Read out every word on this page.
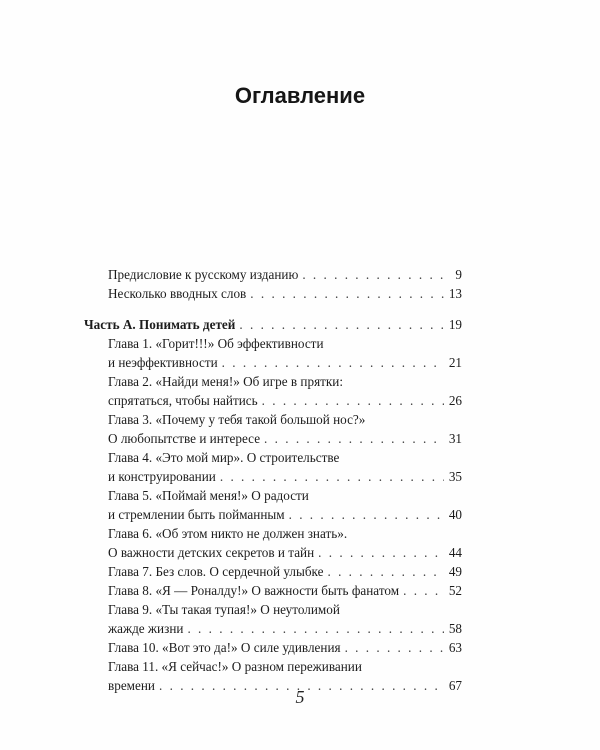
Оглавление
Предисловие к русскому изданию . . .	9
Несколько вводных слов . . .	13
Часть А. Понимать детей . . .	19
Глава 1. «Горит!!!» Об эффективности
и неэффективности . . .	21
Глава 2. «Найди меня!» Об игре в прятки:
спрятаться, чтобы найтись . . .	26
Глава 3. «Почему у тебя такой большой нос?»
О любопытстве и интересе . . .	31
Глава 4. «Это мой мир». О строительстве
и конструировании . . .	35
Глава 5. «Поймай меня!» О радости
и стремлении быть пойманным . . .	40
Глава 6. «Об этом никто не должен знать».
О важности детских секретов и тайн . . .	44
Глава 7. Без слов. О сердечной улыбке . . .	49
Глава 8. «Я — Роналду!» О важности быть фанатом . . .	52
Глава 9. «Ты такая тупая!» О неутолимой
жажде жизни . . .	58
Глава 10. «Вот это да!» О силе удивления . . .	63
Глава 11. «Я сейчас!» О разном переживании
времени . . .	67
5
